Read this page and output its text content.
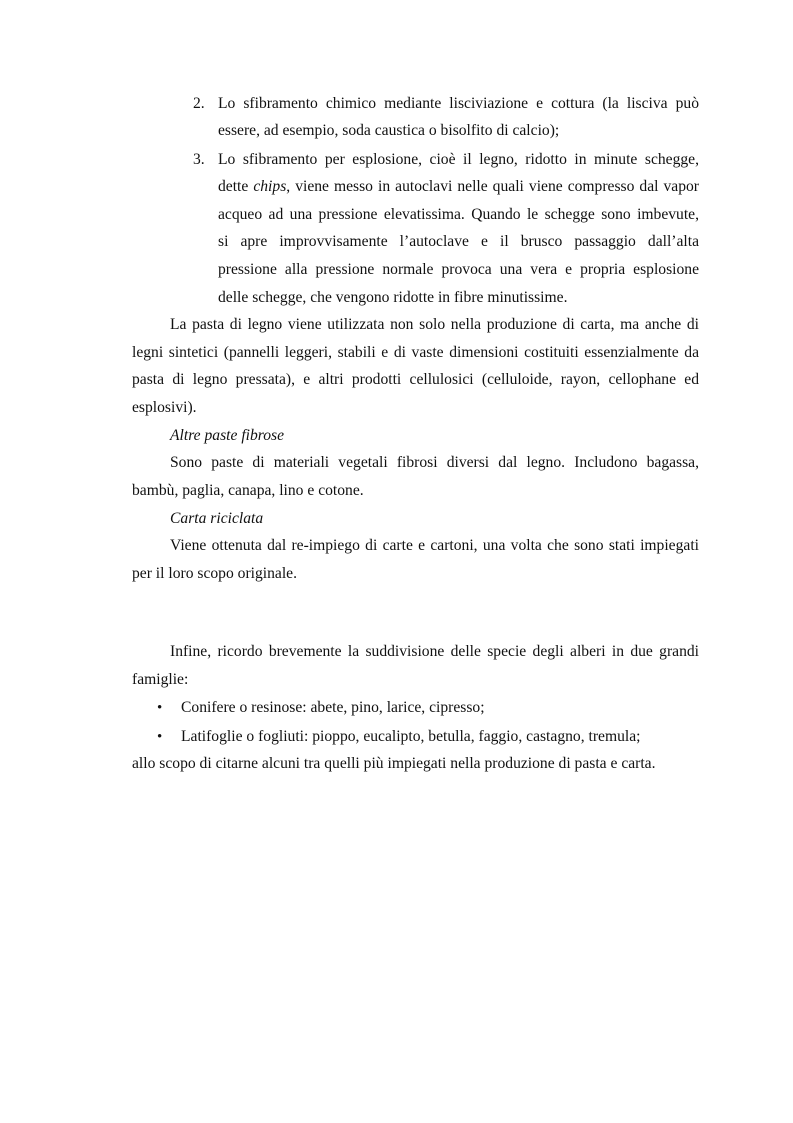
2. Lo sfibramento chimico mediante lisciviazione e cottura (la lisciva può
essere, ad esempio, soda caustica o bisolfito di calcio);
3. Lo sfibramento per esplosione, cioè il legno, ridotto in minute schegge,
dette chips, viene messo in autoclavi nelle quali viene compresso dal vapor
acqueo ad una pressione elevatissima. Quando le schegge sono imbevute,
si apre improvvisamente l’autoclave e il brusco passaggio dall’alta
pressione alla pressione normale provoca una vera e propria esplosione
delle schegge, che vengono ridotte in fibre minutissime.
La pasta di legno viene utilizzata non solo nella produzione di carta, ma anche di
legni sintetici (pannelli leggeri, stabili e di vaste dimensioni costituiti essenzialmente da
pasta di legno pressata), e altri prodotti cellulosici (celluloide, rayon, cellophane ed
esplosivi).
Altre paste fibrose
Sono paste di materiali vegetali fibrosi diversi dal legno. Includono bagassa,
bambù, paglia, canapa, lino e cotone.
Carta riciclata
Viene ottenuta dal re-impiego di carte e cartoni, una volta che sono stati impiegati
per il loro scopo originale.
Infine, ricordo brevemente la suddivisione delle specie degli alberi in due grandi
famiglie:
• Conifere o resinose: abete, pino, larice, cipresso;
• Latifoglie o fogliuti: pioppo, eucalipto, betulla, faggio, castagno, tremula;
allo scopo di citarne alcuni tra quelli più impiegati nella produzione di pasta e carta.
